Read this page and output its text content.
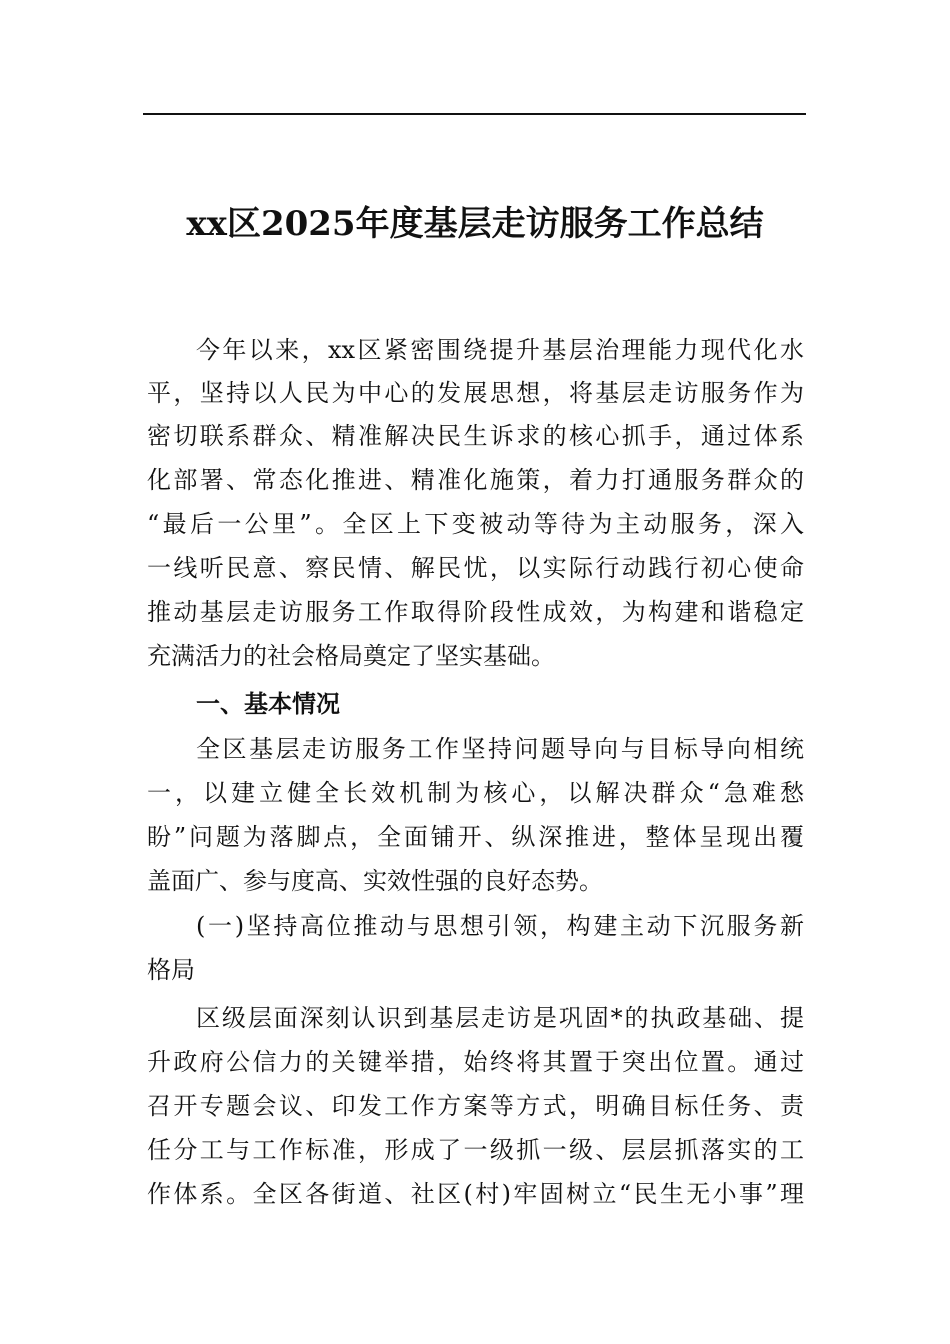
xx区2025年度基层走访服务工作总结
今年以来，xx区紧密围绕提升基层治理能力现代化水
平，坚持以人民为中心的发展思想，将基层走访服务作为
密切联系群众、精准解决民生诉求的核心抓手，通过体系
化部署、常态化推进、精准化施策，着力打通服务群众的
“最后一公里”。全区上下变被动等待为主动服务，深入
一线听民意、察民情、解民忧，以实际行动践行初心使命
推动基层走访服务工作取得阶段性成效，为构建和谐稳定
充满活力的社会格局奠定了坚实基础。
一、基本情况
全区基层走访服务工作坚持问题导向与目标导向相统
一，以建立健全长效机制为核心，以解决群众“急难愁
盼”问题为落脚点，全面铺开、纵深推进，整体呈现出覆
盖面广、参与度高、实效性强的良好态势。
(一)坚持高位推动与思想引领，构建主动下沉服务新
格局
区级层面深刻认识到基层走访是巩固*的执政基础、提
升政府公信力的关键举措，始终将其置于突出位置。通过
召开专题会议、印发工作方案等方式，明确目标任务、责
任分工与工作标准，形成了一级抓一级、层层抓落实的工
作体系。全区各街道、社区(村)牢固树立“民生无小事”理
